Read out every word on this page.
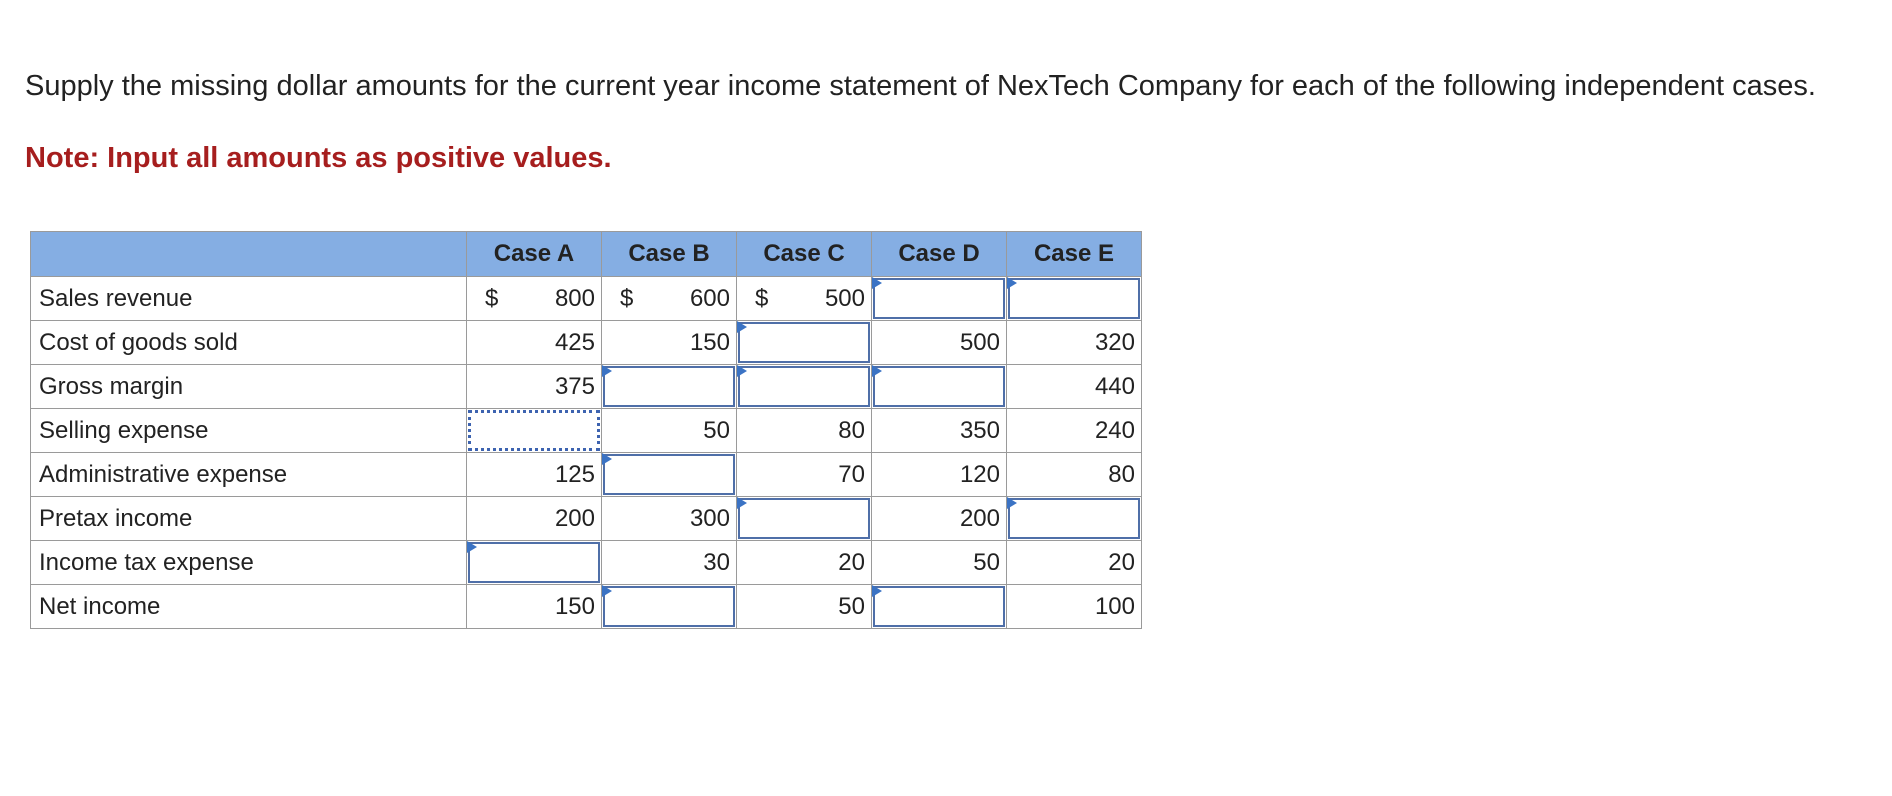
Supply the missing dollar amounts for the current year income statement of NexTech Company for each of the following independent cases.
Note: Input all amounts as positive values.
	Case A	Case B	Case C	Case D	Case E
Sales revenue	$ 800	$ 600	$ 500	

Cost of goods sold	425	150		500	320
Gross margin	375				440
Selling expense		50	80	350	240
Administrative expense	125		70	120	80
Pretax income	200	300		200	

Income tax expense		30	20	50	20
Net income	150		50		100
